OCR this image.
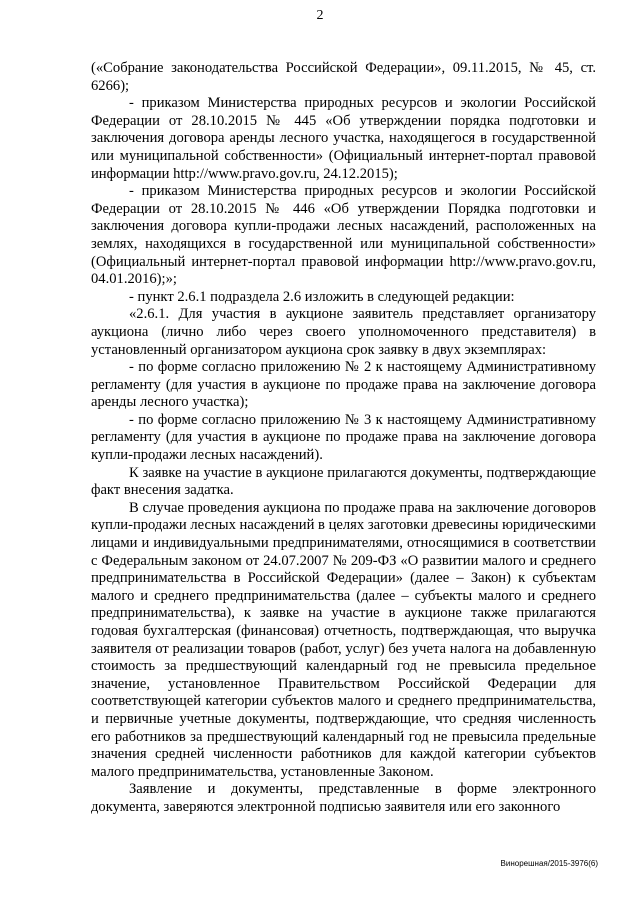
2

(«Собрание законодательства Российской Федерации», 09.11.2015, № 45, ст. 6266);

- приказом Министерства природных ресурсов и экологии Российской Федерации от 28.10.2015 № 445 «Об утверждении порядка подготовки и заключения договора аренды лесного участка, находящегося в государственной или муниципальной собственности» (Официальный интернет-портал правовой информации http://www.pravo.gov.ru, 24.12.2015);

- приказом Министерства природных ресурсов и экологии Российской Федерации от 28.10.2015 № 446 «Об утверждении Порядка подготовки и заключения договора купли-продажи лесных насаждений, расположенных на землях, находящихся в государственной или муниципальной собственности» (Официальный интернет-портал правовой информации http://www.pravo.gov.ru, 04.01.2016);»;

- пункт 2.6.1 подраздела 2.6 изложить в следующей редакции:

«2.6.1. Для участия в аукционе заявитель представляет организатору аукциона (лично либо через своего уполномоченного представителя) в установленный организатором аукциона срок заявку в двух экземплярах:

- по форме согласно приложению № 2 к настоящему Административному регламенту (для участия в аукционе по продаже права на заключение договора аренды лесного участка);

- по форме согласно приложению № 3 к настоящему Административному регламенту (для участия в аукционе по продаже права на заключение договора купли-продажи лесных насаждений).

К заявке на участие в аукционе прилагаются документы, подтверждающие факт внесения задатка.

В случае проведения аукциона по продаже права на заключение договоров купли-продажи лесных насаждений в целях заготовки древесины юридическими лицами и индивидуальными предпринимателями, относящимися в соответствии с Федеральным законом от 24.07.2007 № 209-ФЗ «О развитии малого и среднего предпринимательства в Российской Федерации» (далее – Закон) к субъектам малого и среднего предпринимательства (далее – субъекты малого и среднего предпринимательства), к заявке на участие в аукционе также прилагаются годовая бухгалтерская (финансовая) отчетность, подтверждающая, что выручка заявителя от реализации товаров (работ, услуг) без учета налога на добавленную стоимость за предшествующий календарный год не превысила предельное значение, установленное Правительством Российской Федерации для соответствующей категории субъектов малого и среднего предпринимательства, и первичные учетные документы, подтверждающие, что средняя численность его работников за предшествующий календарный год не превысила предельные значения средней численности работников для каждой категории субъектов малого предпринимательства, установленные Законом.

Заявление и документы, представленные в форме электронного документа, заверяются электронной подписью заявителя или его законного

Винорешная/2015-3976(6)
